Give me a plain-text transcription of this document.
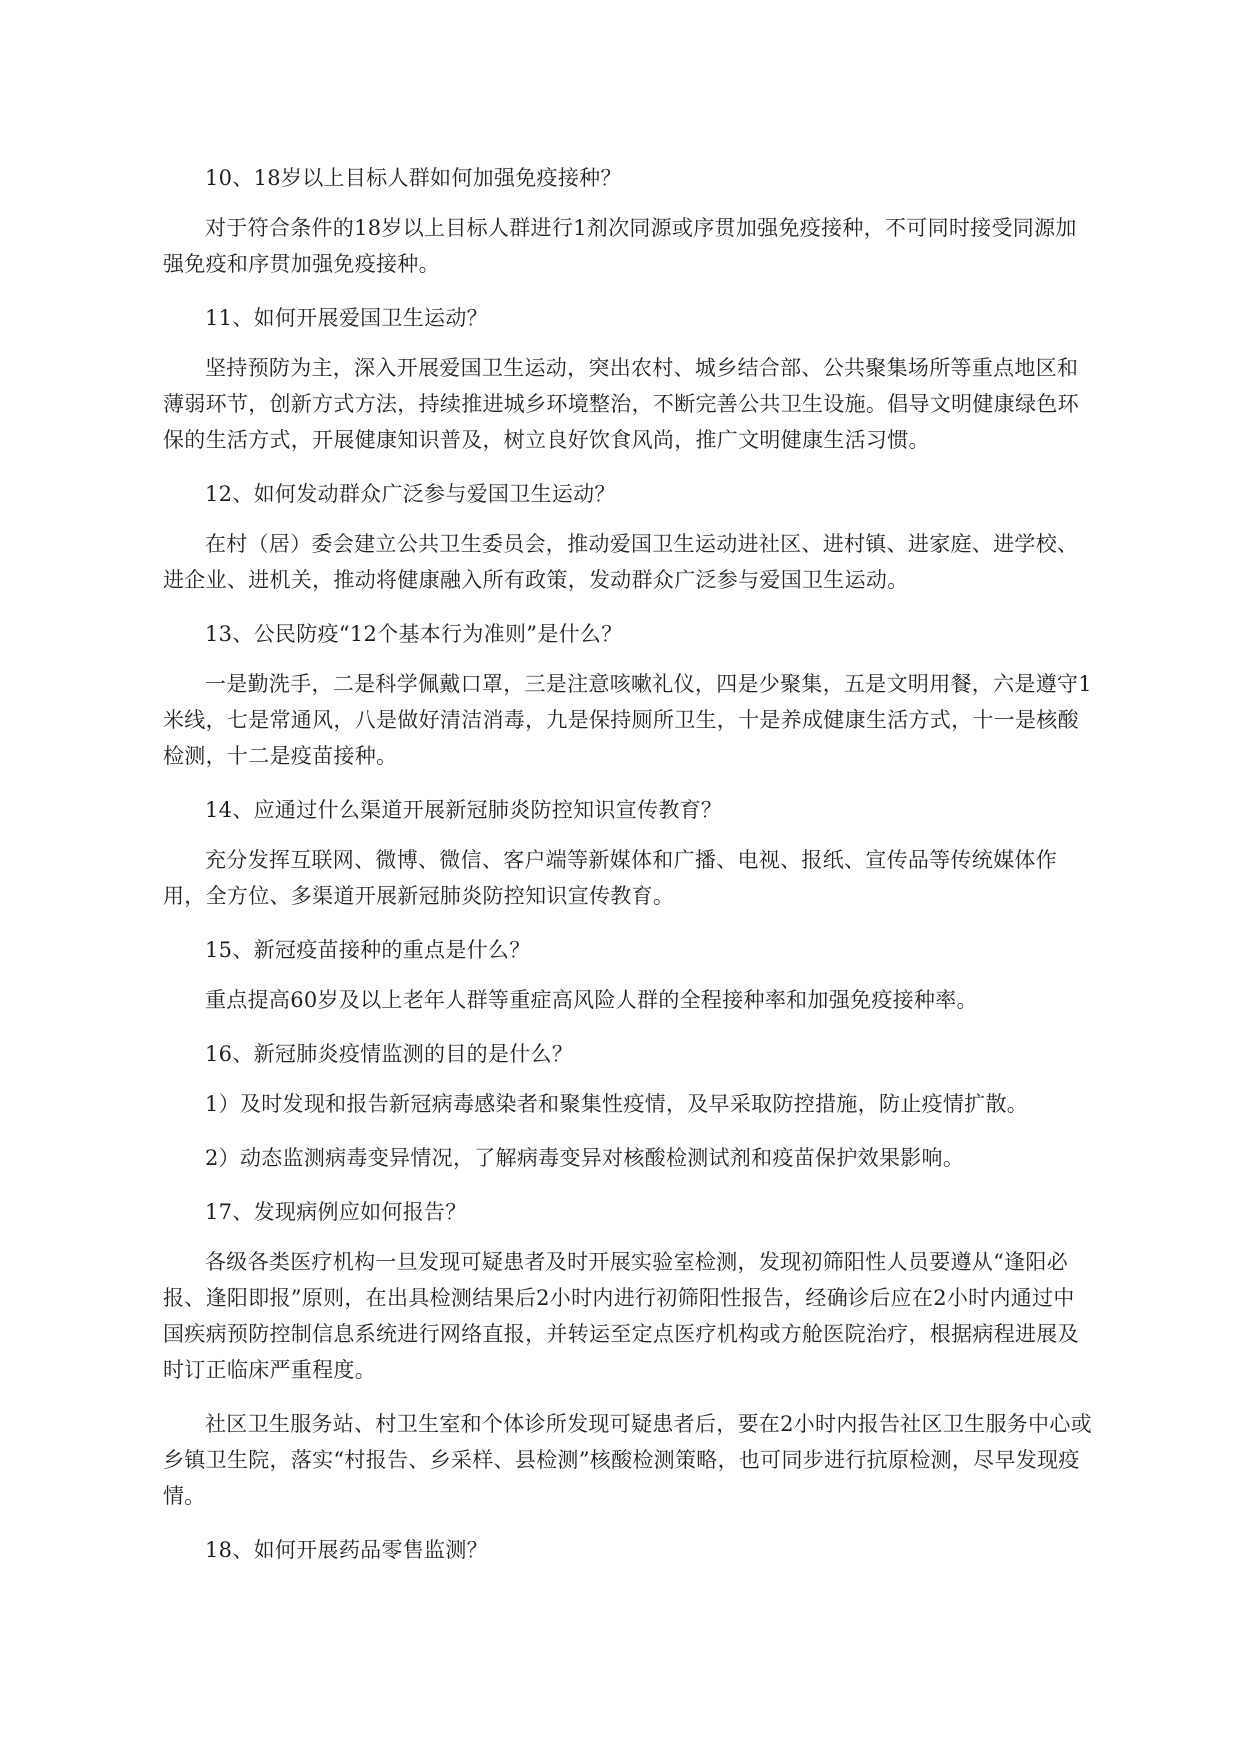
10、18岁以上目标人群如何加强免疫接种？

对于符合条件的18岁以上目标人群进行1剂次同源或序贯加强免疫接种，不可同时接受同源加强免疫和序贯加强免疫接种。

11、如何开展爱国卫生运动？

坚持预防为主，深入开展爱国卫生运动，突出农村、城乡结合部、公共聚集场所等重点地区和薄弱环节，创新方式方法，持续推进城乡环境整治，不断完善公共卫生设施。倡导文明健康绿色环保的生活方式，开展健康知识普及，树立良好饮食风尚，推广文明健康生活习惯。

12、如何发动群众广泛参与爱国卫生运动？

在村（居）委会建立公共卫生委员会，推动爱国卫生运动进社区、进村镇、进家庭、进学校、进企业、进机关，推动将健康融入所有政策，发动群众广泛参与爱国卫生运动。

13、公民防疫“12个基本行为准则”是什么？

一是勤洗手，二是科学佩戴口罩，三是注意咳嗽礼仪，四是少聚集，五是文明用餐，六是遵守1米线，七是常通风，八是做好清洁消毒，九是保持厕所卫生，十是养成健康生活方式，十一是核酸检测，十二是疫苗接种。

14、应通过什么渠道开展新冠肺炎防控知识宣传教育？

充分发挥互联网、微博、微信、客户端等新媒体和广播、电视、报纸、宣传品等传统媒体作用，全方位、多渠道开展新冠肺炎防控知识宣传教育。

15、新冠疫苗接种的重点是什么？

重点提高60岁及以上老年人群等重症高风险人群的全程接种率和加强免疫接种率。

16、新冠肺炎疫情监测的目的是什么？

1）及时发现和报告新冠病毒感染者和聚集性疫情，及早采取防控措施，防止疫情扩散。

2）动态监测病毒变异情况，了解病毒变异对核酸检测试剂和疫苗保护效果影响。

17、发现病例应如何报告？

各级各类医疗机构一旦发现可疑患者及时开展实验室检测，发现初筛阳性人员要遵从“逢阳必报、逢阳即报”原则，在出具检测结果后2小时内进行初筛阳性报告，经确诊后应在2小时内通过中国疾病预防控制信息系统进行网络直报，并转运至定点医疗机构或方舱医院治疗，根据病程进展及时订正临床严重程度。

社区卫生服务站、村卫生室和个体诊所发现可疑患者后，要在2小时内报告社区卫生服务中心或乡镇卫生院，落实“村报告、乡采样、县检测”核酸检测策略，也可同步进行抗原检测，尽早发现疫情。

18、如何开展药品零售监测？
